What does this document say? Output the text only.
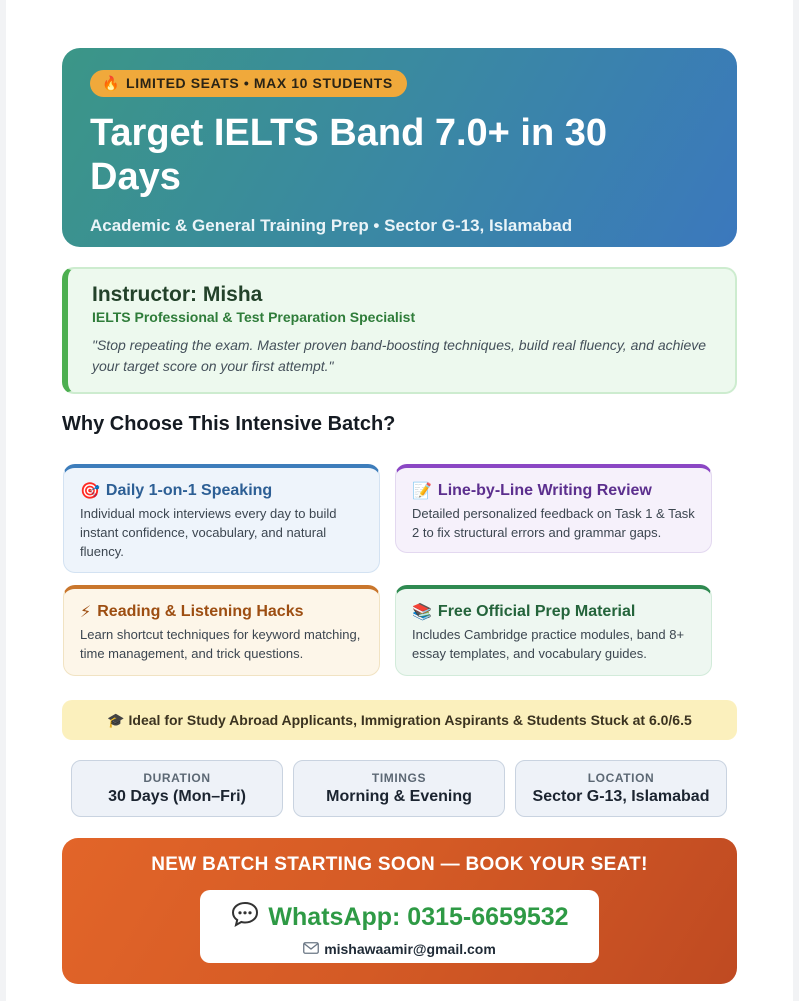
🔥 LIMITED SEATS • MAX 10 STUDENTS
Target IELTS Band 7.0+ in 30 Days
Academic & General Training Prep • Sector G-13, Islamabad
Instructor: Misha
IELTS Professional & Test Preparation Specialist
"Stop repeating the exam. Master proven band-boosting techniques, build real fluency, and achieve your target score on your first attempt."
Why Choose This Intensive Batch?
🎯 Daily 1-on-1 Speaking
Individual mock interviews every day to build instant confidence, vocabulary, and natural fluency.
📝 Line-by-Line Writing Review
Detailed personalized feedback on Task 1 & Task 2 to fix structural errors and grammar gaps.
⚡ Reading & Listening Hacks
Learn shortcut techniques for keyword matching, time management, and trick questions.
📚 Free Official Prep Material
Includes Cambridge practice modules, band 8+ essay templates, and vocabulary guides.
🎓 Ideal for Study Abroad Applicants, Immigration Aspirants & Students Stuck at 6.0/6.5
DURATION
30 Days (Mon–Fri)
TIMINGS
Morning & Evening
LOCATION
Sector G-13, Islamabad
NEW BATCH STARTING SOON — BOOK YOUR SEAT!
WhatsApp: 0315-6659532
mishawaamir@gmail.com
